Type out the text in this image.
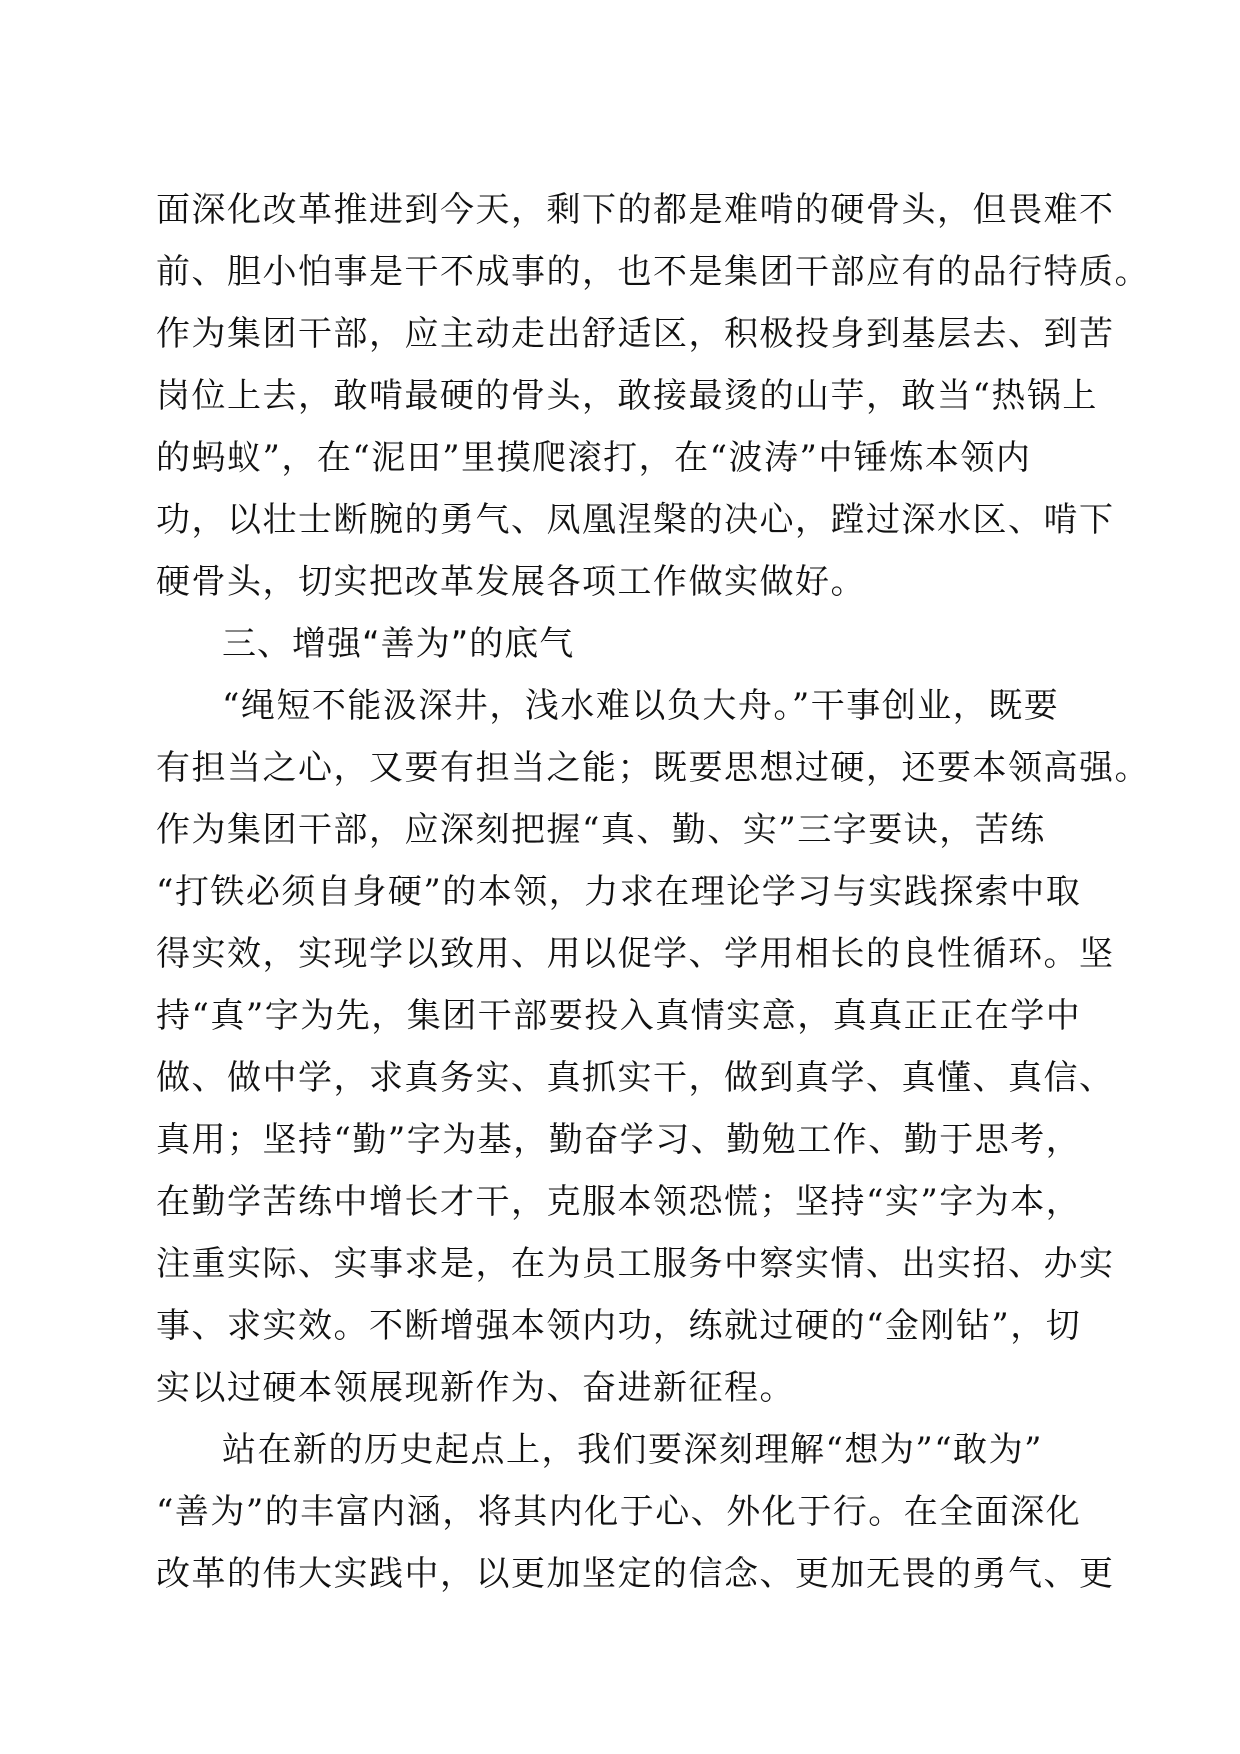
面深化改革推进到今天，剩下的都是难啃的硬骨头，但畏难不
前、胆小怕事是干不成事的，也不是集团干部应有的品行特质。
作为集团干部，应主动走出舒适区，积极投身到基层去、到苦
岗位上去，敢啃最硬的骨头，敢接最烫的山芋，敢当“热锅上
的蚂蚁”，在“泥田”里摸爬滚打，在“波涛”中锤炼本领内
功，以壮士断腕的勇气、凤凰涅槃的决心，蹚过深水区、啃下
硬骨头，切实把改革发展各项工作做实做好。
三、增强“善为”的底气
“绳短不能汲深井，浅水难以负大舟。”干事创业，既要
有担当之心，又要有担当之能；既要思想过硬，还要本领高强。
作为集团干部，应深刻把握“真、勤、实”三字要诀，苦练
“打铁必须自身硬”的本领，力求在理论学习与实践探索中取
得实效，实现学以致用、用以促学、学用相长的良性循环。坚
持“真”字为先，集团干部要投入真情实意，真真正正在学中
做、做中学，求真务实、真抓实干，做到真学、真懂、真信、
真用；坚持“勤”字为基，勤奋学习、勤勉工作、勤于思考，
在勤学苦练中增长才干，克服本领恐慌；坚持“实”字为本，
注重实际、实事求是，在为员工服务中察实情、出实招、办实
事、求实效。不断增强本领内功，练就过硬的“金刚钻”，切
实以过硬本领展现新作为、奋进新征程。
站在新的历史起点上，我们要深刻理解“想为”“敢为”
“善为”的丰富内涵，将其内化于心、外化于行。在全面深化
改革的伟大实践中，以更加坚定的信念、更加无畏的勇气、更
